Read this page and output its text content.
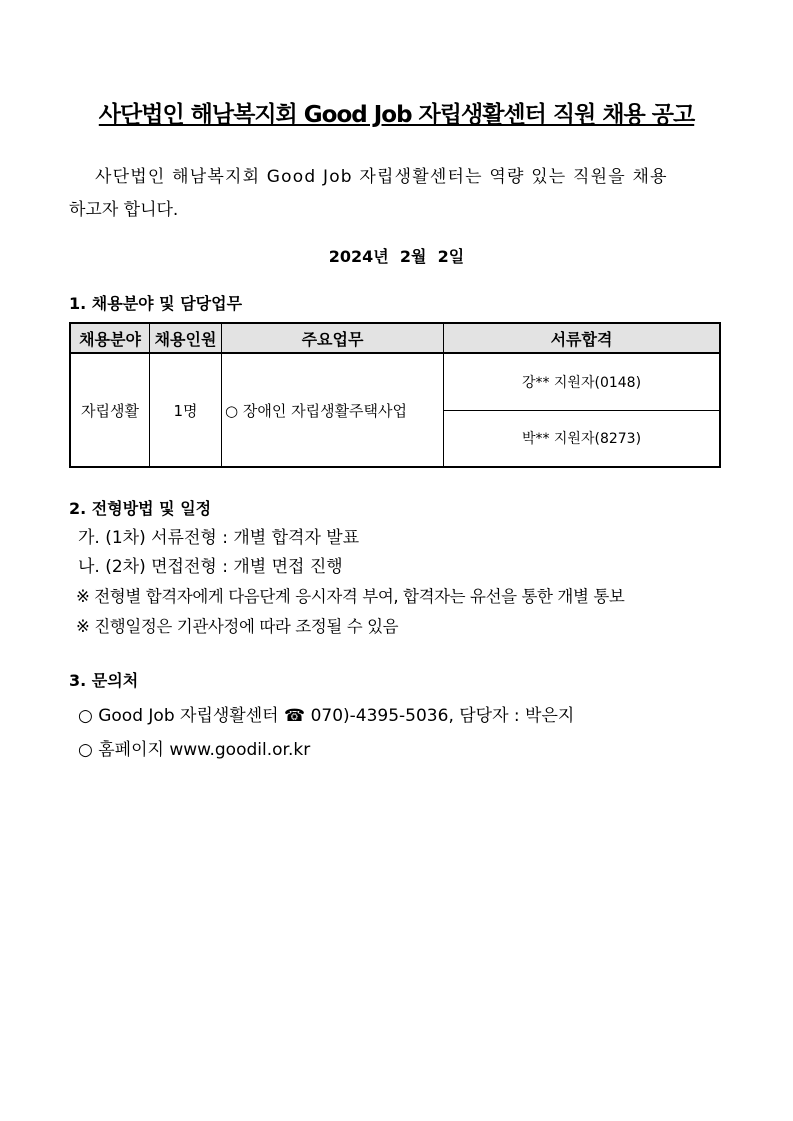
사단법인 해남복지회 Good Job 자립생활센터 직원 채용 공고
사단법인 해남복지회 Good Job 자립생활센터는 역량 있는 직원을 채용
하고자 합니다.
2024년  2월  2일
1. 채용분야 및 담당업무
채용분야	채용인원	주요업무	서류합격
자립생활	1명	○ 장애인 자립생활주택사업	강** 지원자(0148)
			박** 지원자(8273)
2. 전형방법 및 일정
가. (1차) 서류전형 : 개별 합격자 발표
나. (2차) 면접전형 : 개별 면접 진행
※ 전형별 합격자에게 다음단계 응시자격 부여, 합격자는 유선을 통한 개별 통보
※ 진행일정은 기관사정에 따라 조정될 수 있음
3. 문의처
○ Good Job 자립생활센터 ☎ 070)-4395-5036, 담당자 : 박은지
○ 홈페이지 www.goodil.or.kr
